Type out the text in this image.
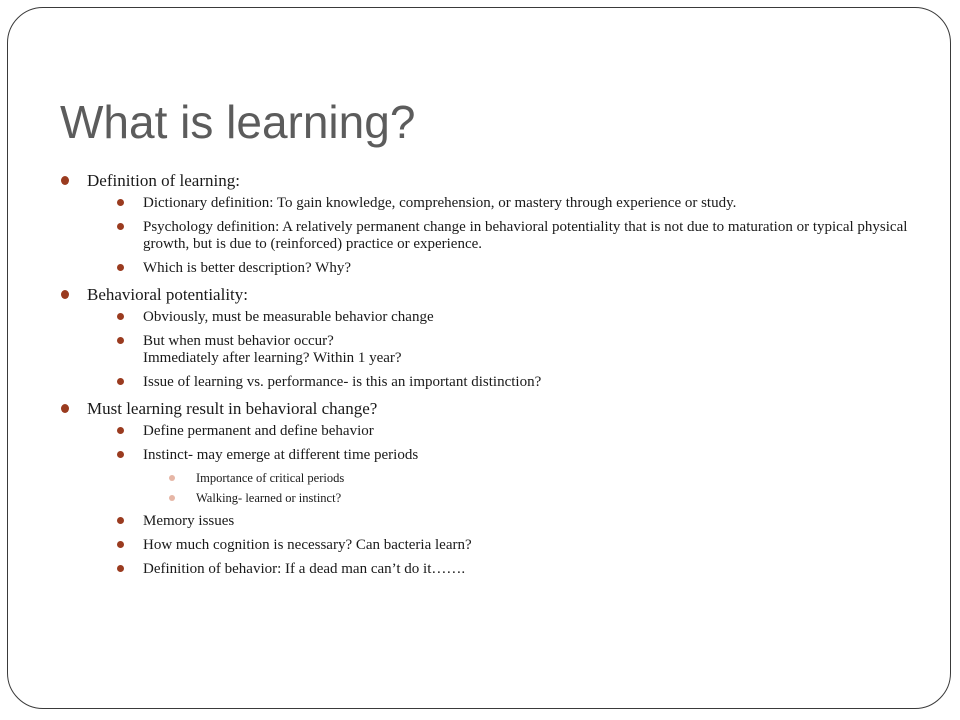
What is learning?
Definition of learning:
Dictionary definition: To gain knowledge, comprehension, or mastery through experience or study.
Psychology definition: A relatively permanent change in behavioral potentiality that is not due to maturation or typical physical growth, but is due to (reinforced) practice or experience.
Which is better description? Why?
Behavioral potentiality:
Obviously, must be measurable behavior change
But when must behavior occur?
Immediately after learning? Within 1 year?
Issue of learning vs. performance- is this an important distinction?
Must learning result in behavioral change?
Define permanent and define behavior
Instinct- may emerge at different time periods
Importance of critical periods
Walking- learned or instinct?
Memory issues
How much cognition is necessary? Can bacteria learn?
Definition of behavior: If a dead man can’t do it…….
